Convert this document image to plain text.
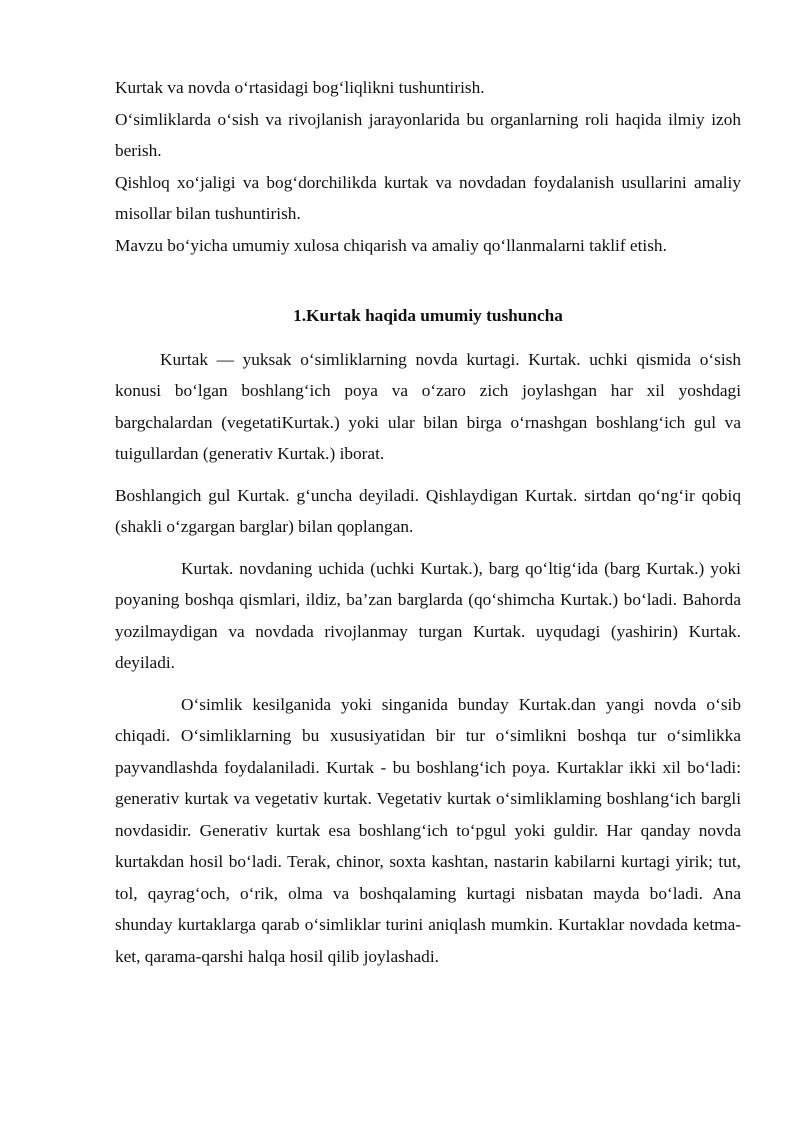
Kurtak va novda o‘rtasidagi bog‘liqlikni tushuntirish.

O‘simliklarda o‘sish va rivojlanish jarayonlarida bu organlarning roli haqida ilmiy izoh berish.

Qishloq xo‘jaligi va bog‘dorchilikda kurtak va novdadan foydalanish usullarini amaliy misollar bilan tushuntirish.

Mavzu bo‘yicha umumiy xulosa chiqarish va amaliy qo‘llanmalarni taklif etish.

1.Kurtak haqida umumiy tushuncha

Kurtak — yuksak o‘simliklarning novda kurtagi. Kurtak. uchki qismida o‘sish konusi bo‘lgan boshlang‘ich poya va o‘zaro zich joylashgan har xil yoshdagi bargchalardan (vegetatiKurtak.) yoki ular bilan birga o‘rnashgan boshlang‘ich gul va tuigullardan (generativ Kurtak.) iborat.

Boshlangich gul Kurtak. g‘uncha deyiladi. Qishlaydigan Kurtak. sirtdan qo‘ng‘ir qobiq (shakli o‘zgargan barglar) bilan qoplangan.

Kurtak. novdaning uchida (uchki Kurtak.), barg qo‘ltig‘ida (barg Kurtak.) yoki poyaning boshqa qismlari, ildiz, ba’zan barglarda (qo‘shimcha Kurtak.) bo‘ladi. Bahorda yozilmaydigan va novdada rivojlanmay turgan Kurtak. uyqudagi (yashirin) Kurtak. deyiladi.

O‘simlik kesilganida yoki singanida bunday Kurtak.dan yangi novda o‘sib chiqadi. O‘simliklarning bu xususiyatidan bir tur o‘simlikni boshqa tur o‘simlikka payvandlashda foydalaniladi. Kurtak - bu boshlang‘ich poya. Kurtaklar ikki xil bo‘ladi: generativ kurtak va vegetativ kurtak. Vegetativ kurtak o‘simliklaming boshlang‘ich bargli novdasidir. Generativ kurtak esa boshlang‘ich to‘pgul yoki guldir. Har qanday novda kurtakdan hosil bo‘ladi. Terak, chinor, soxta kashtan, nastarin kabilarni kurtagi yirik; tut, tol, qayrag‘och, o‘rik, olma va boshqalaming kurtagi nisbatan mayda bo‘ladi. Ana shunday kurtaklarga qarab o‘simliklar turini aniqlash mumkin. Kurtaklar novdada ketma-ket, qarama-qarshi halqa hosil qilib joylashadi.
